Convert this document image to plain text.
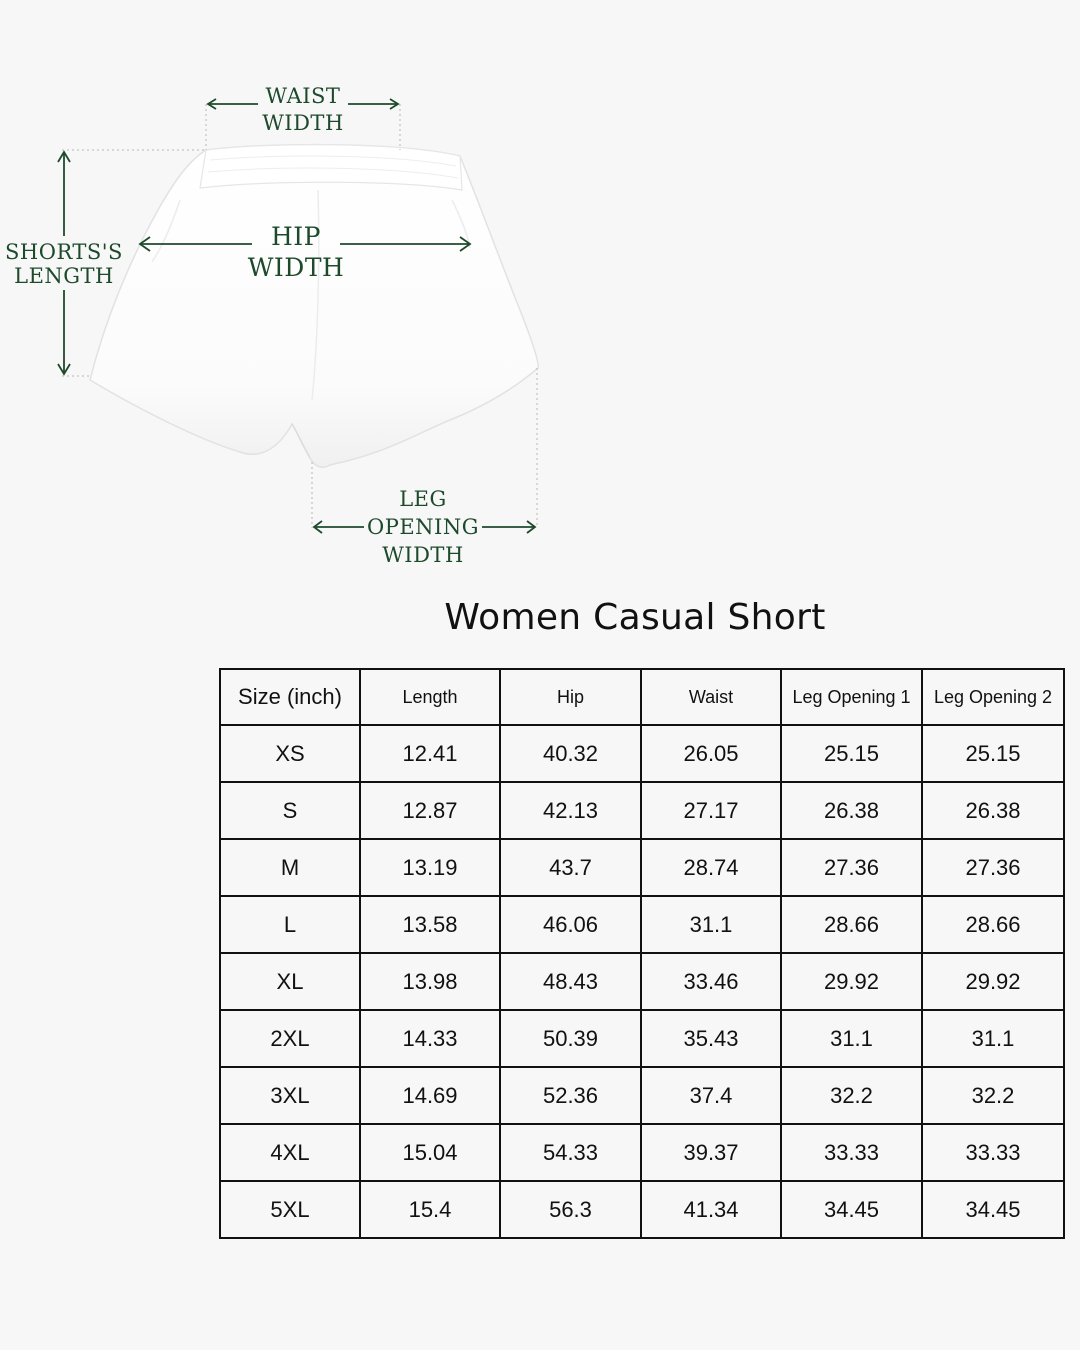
WAIST
WIDTH
HIP
WIDTH
SHORTS'S
LENGTH
LEG
OPENING
WIDTH
Women Casual Short
Size (inch)	Length	Hip	Waist	Leg Opening 1	Leg Opening 2
XS	12.41	40.32	26.05	25.15	25.15
S	12.87	42.13	27.17	26.38	26.38
M	13.19	43.7	28.74	27.36	27.36
L	13.58	46.06	31.1	28.66	28.66
XL	13.98	48.43	33.46	29.92	29.92
2XL	14.33	50.39	35.43	31.1	31.1
3XL	14.69	52.36	37.4	32.2	32.2
4XL	15.04	54.33	39.37	33.33	33.33
5XL	15.4	56.3	41.34	34.45	34.45
